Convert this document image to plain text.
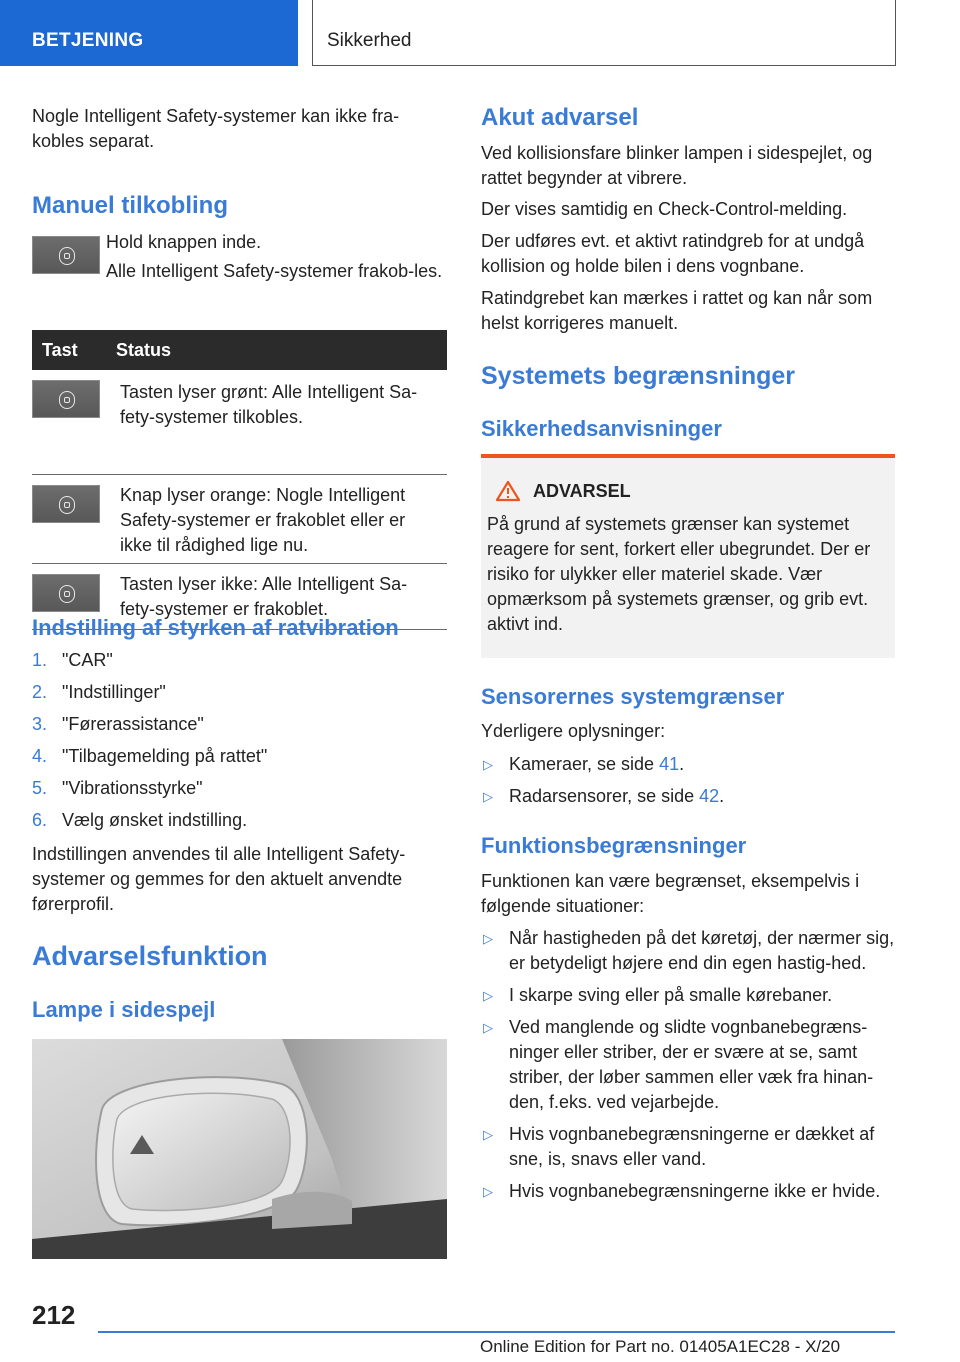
BETJENING	Sikkerhed

Nogle Intelligent Safety-systemer kan ikke fra-kobles separat.

Manuel tilkobling

Hold knappen inde.

Alle Intelligent Safety-systemer frakob-les.

Tast	Status

	Tasten lyser grønt: Alle Intelligent Sa-fety-systemer tilkobles.

	Knap lyser orange: Nogle Intelligent Safety-systemer er frakoblet eller er ikke til rådighed lige nu.

	Tasten lyser ikke: Alle Intelligent Sa-fety-systemer er frakoblet.
Indstilling af styrken af ratvibration
1. "CAR"
2. "Indstillinger"
3. "Førerassistance"
4. "Tilbagemelding på rattet"
5. "Vibrationsstyrke"
6. Vælg ønsket indstilling.

Indstillingen anvendes til alle Intelligent Safety-systemer og gemmes for den aktuelt anvendte førerprofil.

Advarselsfunktion
Lampe i sidespejl
Akut advarsel

Ved kollisionsfare blinker lampen i sidespejlet, og rattet begynder at vibrere.

Der vises samtidig en Check-Control-melding.

Der udføres evt. et aktivt ratindgreb for at undgå kollision og holde bilen i dens vognbane.

Ratindgrebet kan mærkes i rattet og kan når som helst korrigeres manuelt.

Systemets begrænsninger
Sikkerhedsanvisninger
ADVARSEL

På grund af systemets grænser kan systemet reagere for sent, forkert eller ubegrundet. Der er risiko for ulykker eller materiel skade. Vær opmærksom på systemets grænser, og grib evt. aktivt ind.

Sensorernes systemgrænser

Yderligere oplysninger:

▷ Kameraer, se side 41.
▷ Radarsensorer, se side 42.
Funktionsbegrænsninger

Funktionen kan være begrænset, eksempelvis i følgende situationer:

▷ Når hastigheden på det køretøj, der nærmer sig, er betydeligt højere end din egen hastig-hed.
▷ I skarpe sving eller på smalle kørebaner.
▷ Ved manglende og slidte vognbanebegræns-ninger eller striber, der er svære at se, samt striber, der løber sammen eller væk fra hinan-den, f.eks. ved vejarbejde.
▷ Hvis vognbanebegrænsningerne er dækket af sne, is, snavs eller vand.
▷ Hvis vognbanebegrænsningerne ikke er hvide.
212
Online Edition for Part no. 01405A1EC28 - X/20
